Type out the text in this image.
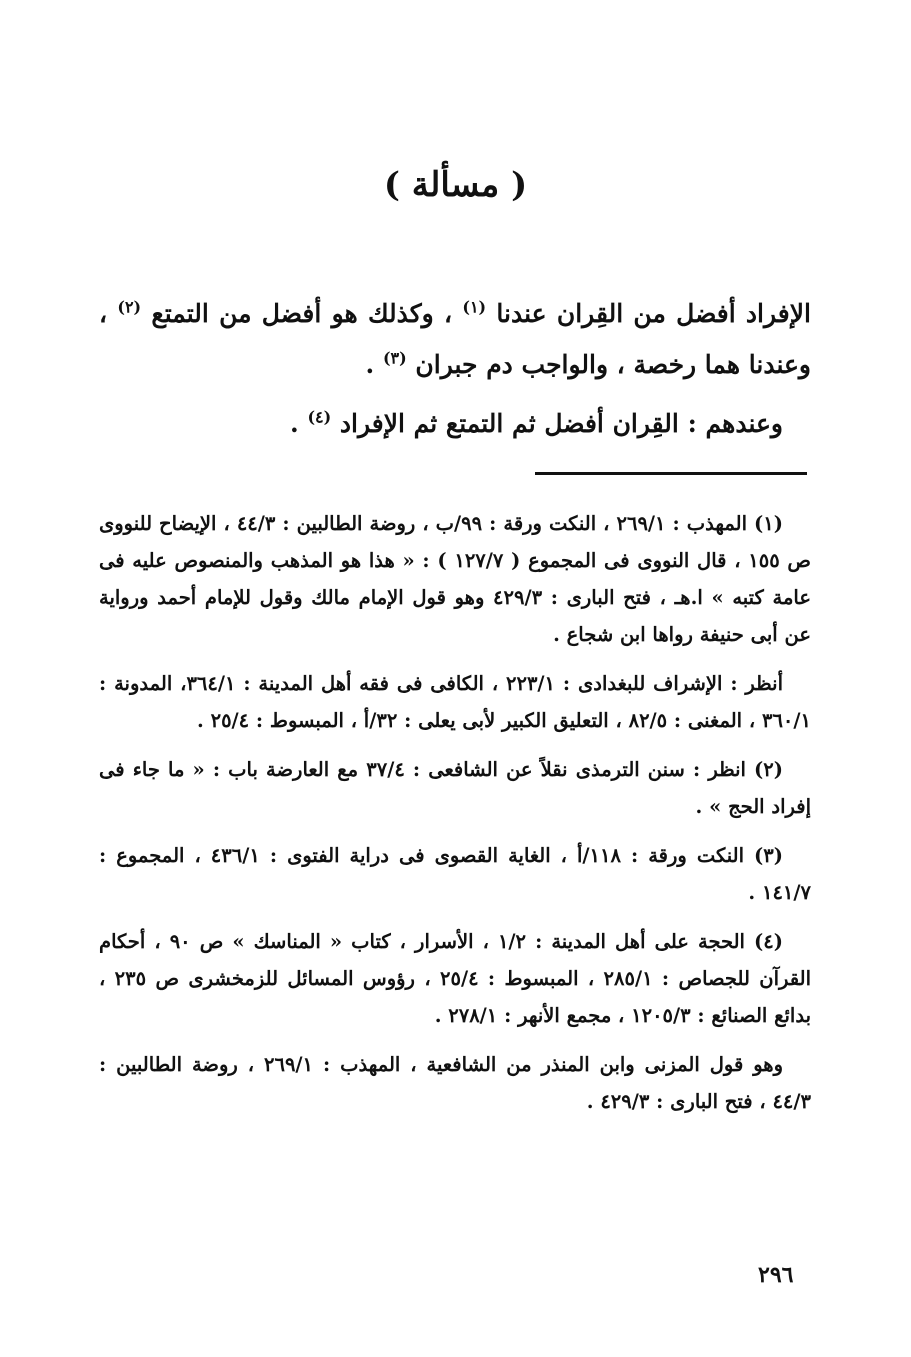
( مسألة )

الإفراد أفضل من القِران عندنا $^{(١)}$ ، وكذلك هو أفضل من التمتع $^{(٢)}$ ، وعندنا هما رخصة ، والواجب دم جبران $^{(٣)}$ .

وعندهم : القِران أفضل ثم التمتع ثم الإفراد $^{(٤)}$ .

(١) المهذب : ٢٦٩/١ ، النكت ورقة : ٩٩/ب ، روضة الطالبين : ٤٤/٣ ، الإيضاح للنووى ص ١٥٥ ، قال النووى فى المجموع ( ١٢٧/٧ ) : « هذا هو المذهب والمنصوص عليه فى عامة كتبه » ا.هـ ، فتح البارى : ٤٢٩/٣ وهو قول الإمام مالك وقول للإمام أحمد ورواية عن أبى حنيفة رواها ابن شجاع .

أنظر : الإشراف للبغدادى : ٢٢٣/١ ، الكافى فى فقه أهل المدينة : ٣٦٤/١، المدونة : ٣٦٠/١ ، المغنى : ٨٢/٥ ، التعليق الكبير لأبى يعلى : ٣٢/أ ، المبسوط : ٢٥/٤ .

(٢) انظر : سنن الترمذى نقلاً عن الشافعى : ٣٧/٤ مع العارضة باب : « ما جاء فى إفراد الحج » .

(٣) النكت ورقة : ١١٨/أ ، الغاية القصوى فى دراية الفتوى : ٤٣٦/١ ، المجموع : ١٤١/٧ .

(٤) الحجة على أهل المدينة : ١/٢ ، الأسرار ، كتاب « المناسك » ص ٩٠ ، أحكام القرآن للجصاص : ٢٨٥/١ ، المبسوط : ٢٥/٤ ، رؤوس المسائل للزمخشرى ص ٢٣٥ ، بدائع الصنائع : ١٢٠٥/٣ ، مجمع الأنهر : ٢٧٨/١ .

وهو قول المزنى وابن المنذر من الشافعية ، المهذب : ٢٦٩/١ ، روضة الطالبين : ٤٤/٣ ، فتح البارى : ٤٢٩/٣ .

٢٩٦
